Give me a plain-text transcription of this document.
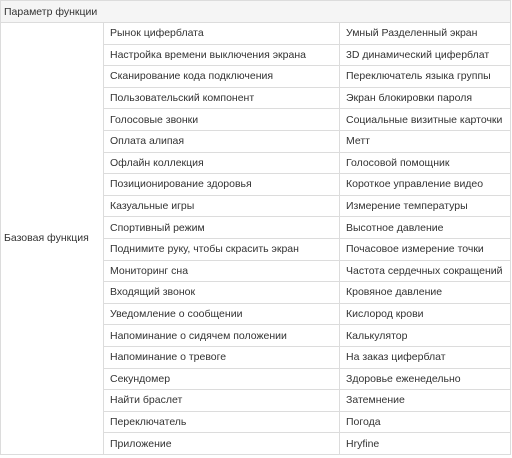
Параметр функции		
Базовая функция	Рынок циферблата	Умный Разделенный экран
	Настройка времени выключения экрана	3D динамический циферблат
	Сканирование кода подключения	Переключатель языка группы
	Пользовательский компонент	Экран блокировки пароля
	Голосовые звонки	Социальные визитные карточки
	Оплата алипая	Метт
	Офлайн коллекция	Голосовой помощник
	Позиционирование здоровья	Короткое управление видео
	Казуальные игры	Измерение температуры
	Спортивный режим	Высотное давление
	Поднимите руку, чтобы скрасить экран	Почасовое измерение точки
	Мониторинг сна	Частота сердечных сокращений
	Входящий звонок	Кровяное давление
	Уведомление о сообщении	Кислород крови
	Напоминание о сидячем положении	Калькулятор
	Напоминание о тревоге	На заказ циферблат
	Секундомер	Здоровье еженедельно
	Найти браслет	Затемнение
	Переключатель	Погода
	Приложение	Hryfine
